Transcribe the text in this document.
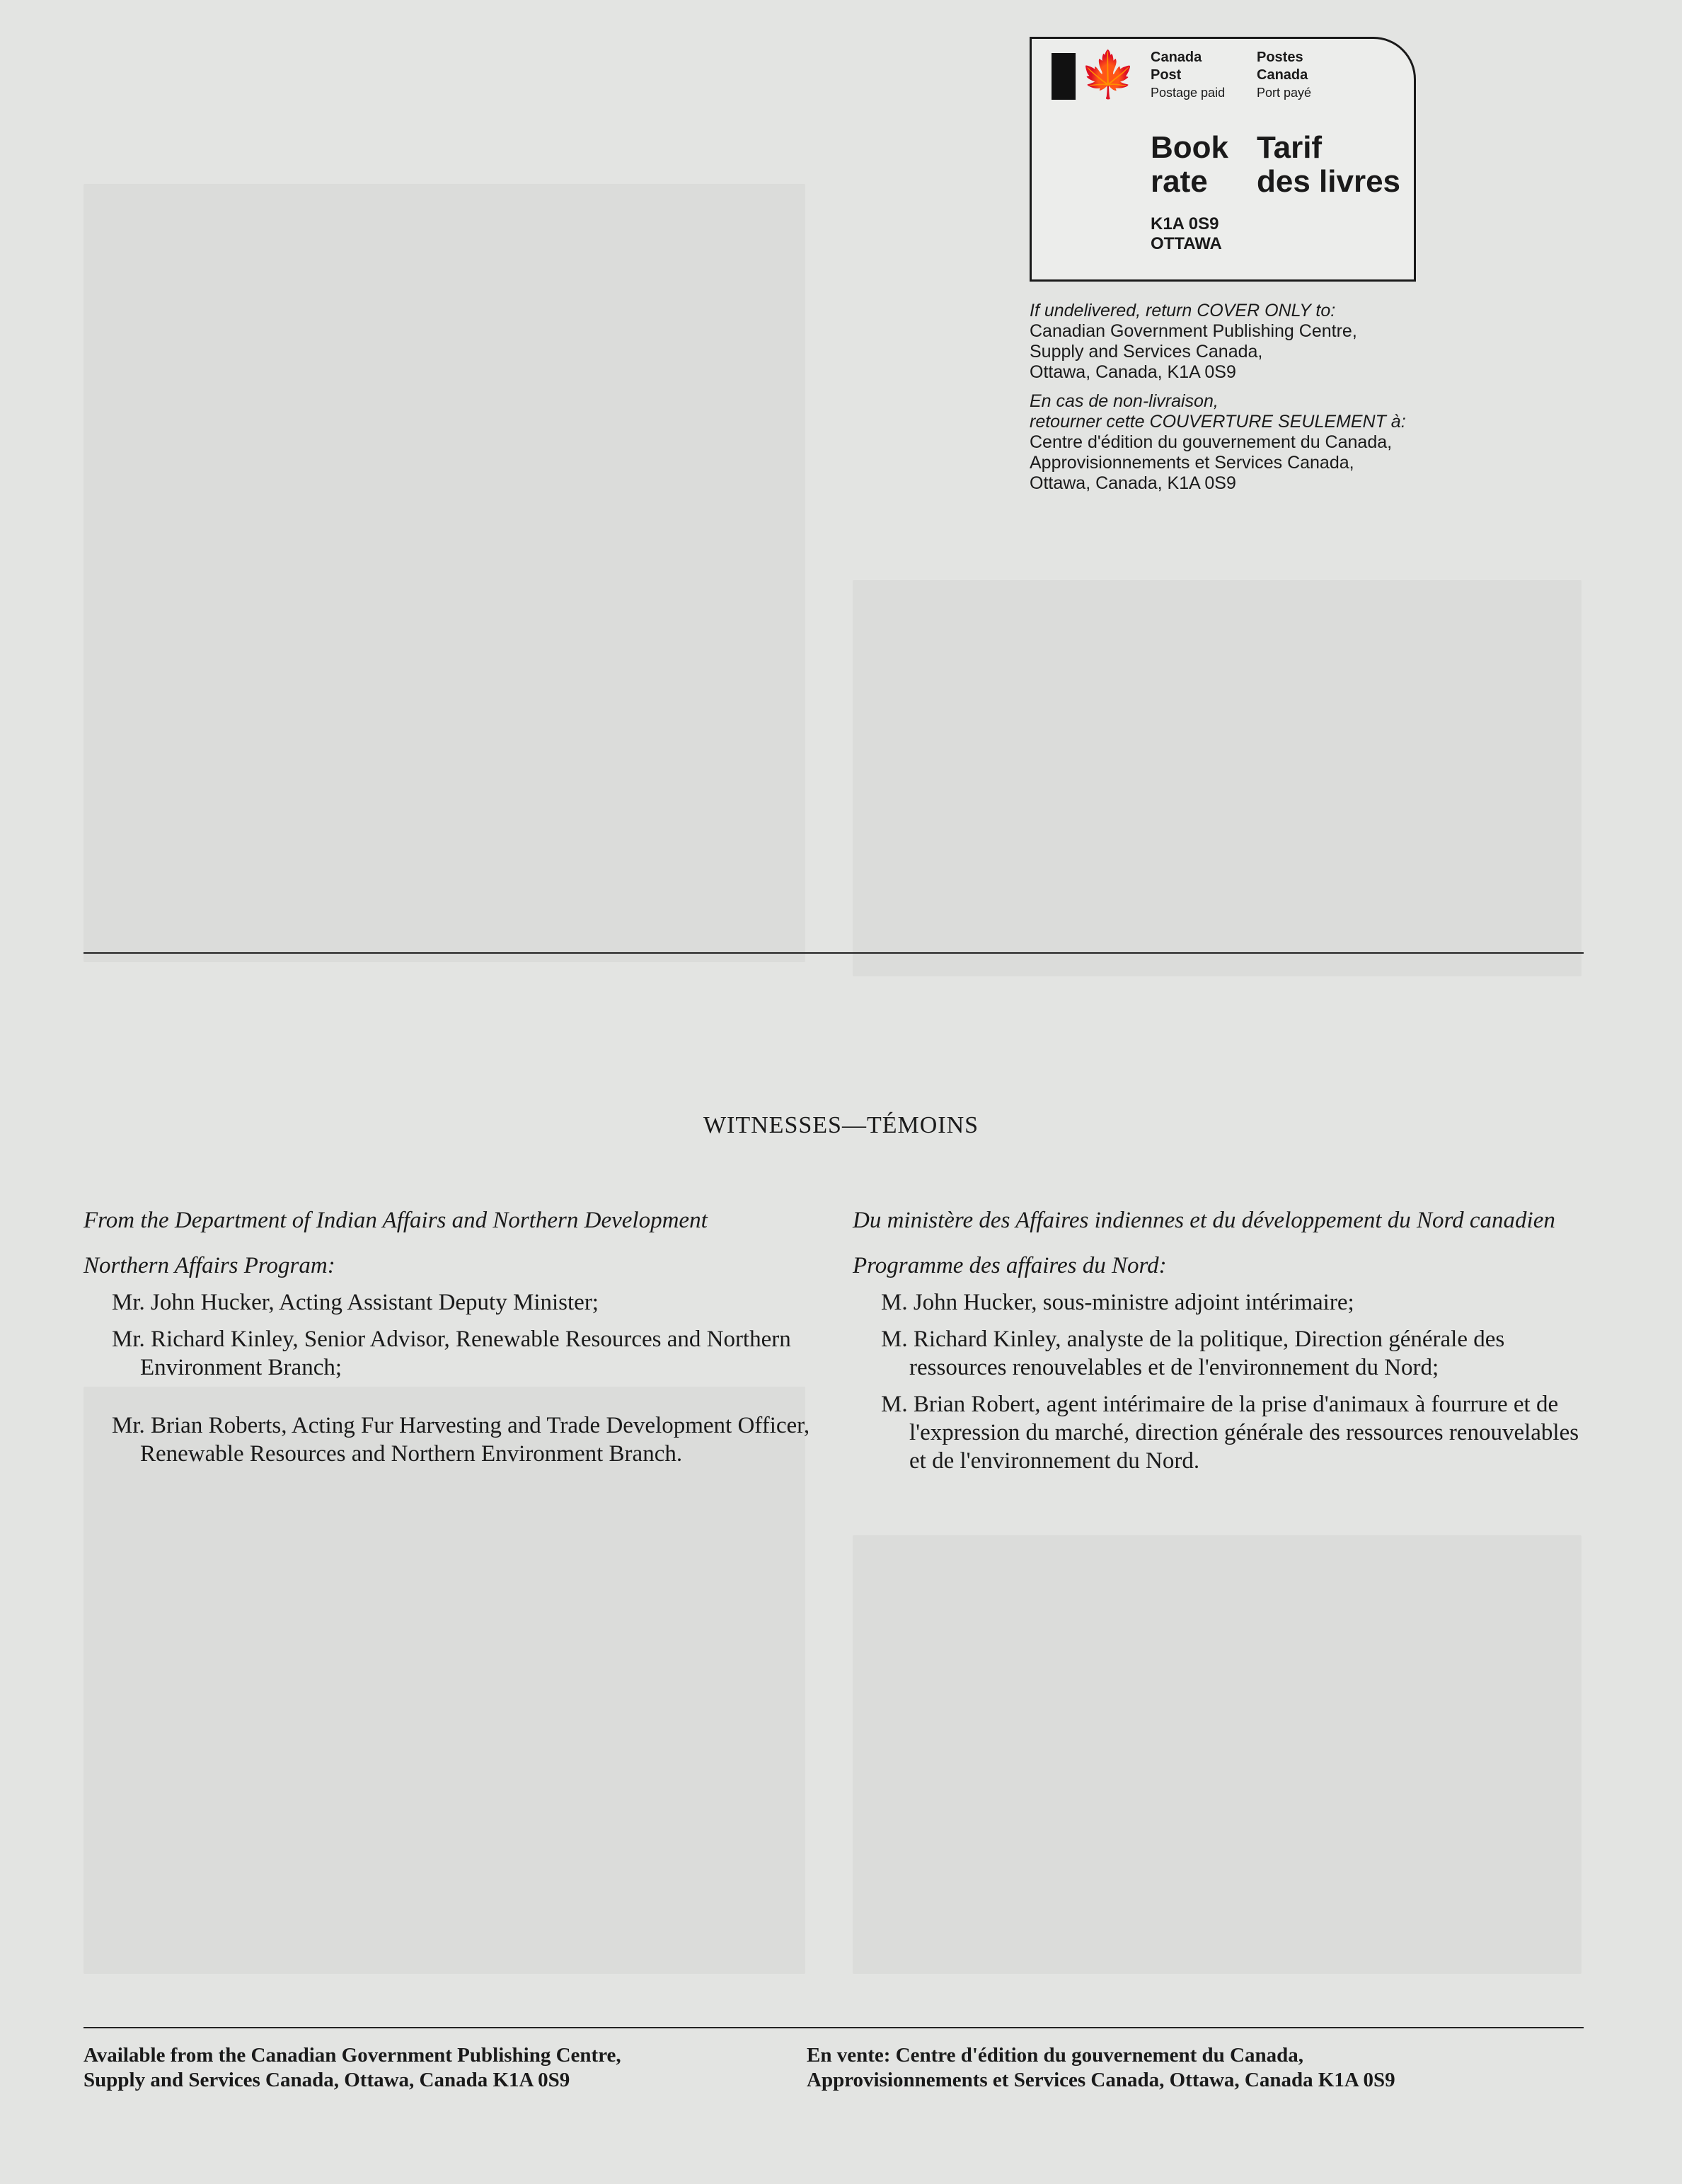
🍁 Canada
Post
Postage paid
Postes
Canada
Port payé
Book
rate
Tarif
des livres
K1A 0S9
OTTAWA
If undelivered, return COVER ONLY to:
Canadian Government Publishing Centre,
Supply and Services Canada,
Ottawa, Canada, K1A 0S9
En cas de non-livraison,
retourner cette COUVERTURE SEULEMENT à:
Centre d'édition du gouvernement du Canada,
Approvisionnements et Services Canada,
Ottawa, Canada, K1A 0S9
WITNESSES—TÉMOINS
From the Department of Indian Affairs and Northern Development
Northern Affairs Program:
Mr. John Hucker, Acting Assistant Deputy Minister;
Mr. Richard Kinley, Senior Advisor, Renewable Resources and Northern Environment Branch;
Mr. Brian Roberts, Acting Fur Harvesting and Trade Development Officer, Renewable Resources and Northern Environment Branch.
Du ministère des Affaires indiennes et du développement du Nord canadien
Programme des affaires du Nord:
M. John Hucker, sous-ministre adjoint intérimaire;
M. Richard Kinley, analyste de la politique, Direction générale des ressources renouvelables et de l'environnement du Nord;
M. Brian Robert, agent intérimaire de la prise d'animaux à fourrure et de l'expression du marché, direction générale des ressources renouvelables et de l'environnement du Nord.
Available from the Canadian Government Publishing Centre,
Supply and Services Canada, Ottawa, Canada K1A 0S9
En vente: Centre d'édition du gouvernement du Canada,
Approvisionnements et Services Canada, Ottawa, Canada K1A 0S9
